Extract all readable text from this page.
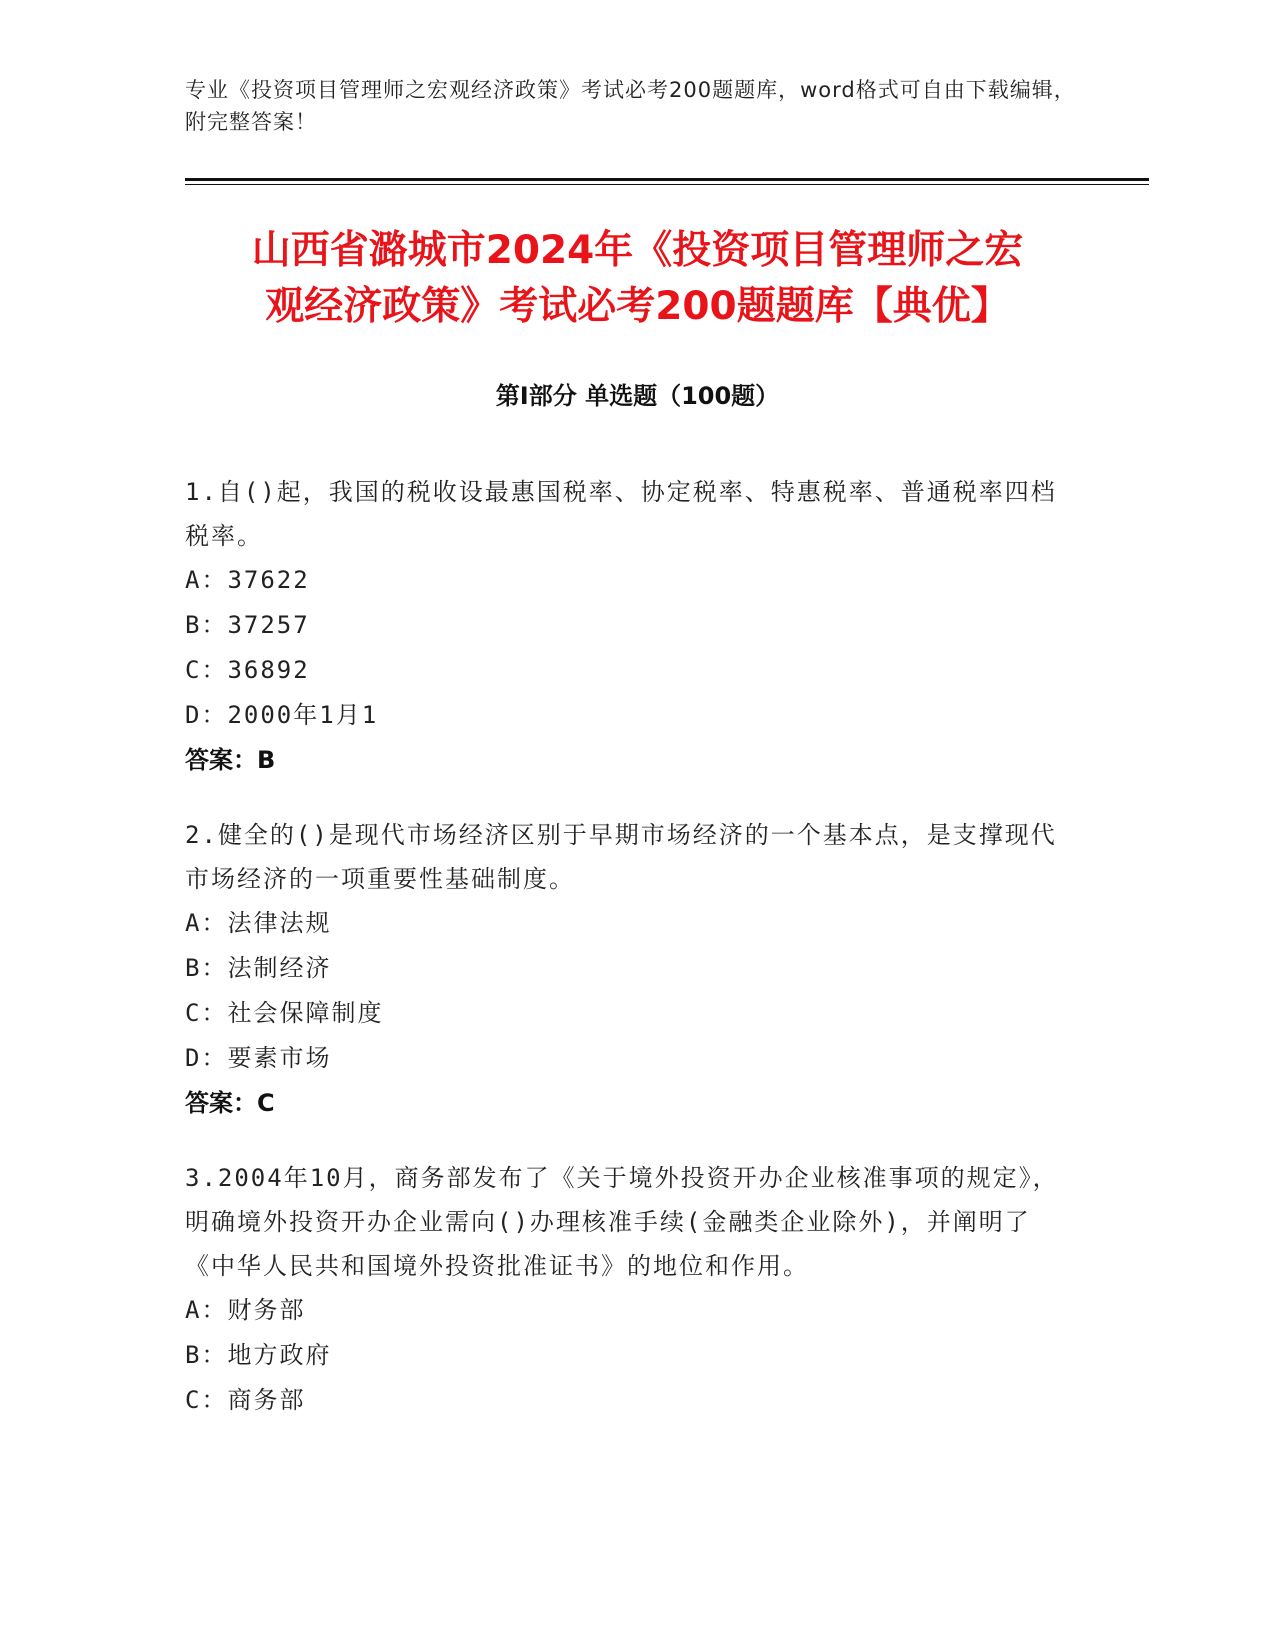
专业《投资项目管理师之宏观经济政策》考试必考200题题库，word格式可自由下载编辑，附完整答案！
山西省潞城市2024年《投资项目管理师之宏
观经济政策》考试必考200题题库【典优】
第I部分 单选题（100题）
1.自()起，我国的税收设最惠国税率、协定税率、特惠税率、普通税率四档税率。
A：37622
B：37257
C：36892
D：2000年1月1
答案：B
2.健全的()是现代市场经济区别于早期市场经济的一个基本点，是支撑现代市场经济的一项重要性基础制度。
A：法律法规
B：法制经济
C：社会保障制度
D：要素市场
答案：C
3.2004年10月，商务部发布了《关于境外投资开办企业核准事项的规定》，明确境外投资开办企业需向()办理核准手续(金融类企业除外)，并阐明了《中华人民共和国境外投资批准证书》的地位和作用。
A：财务部
B：地方政府
C：商务部
